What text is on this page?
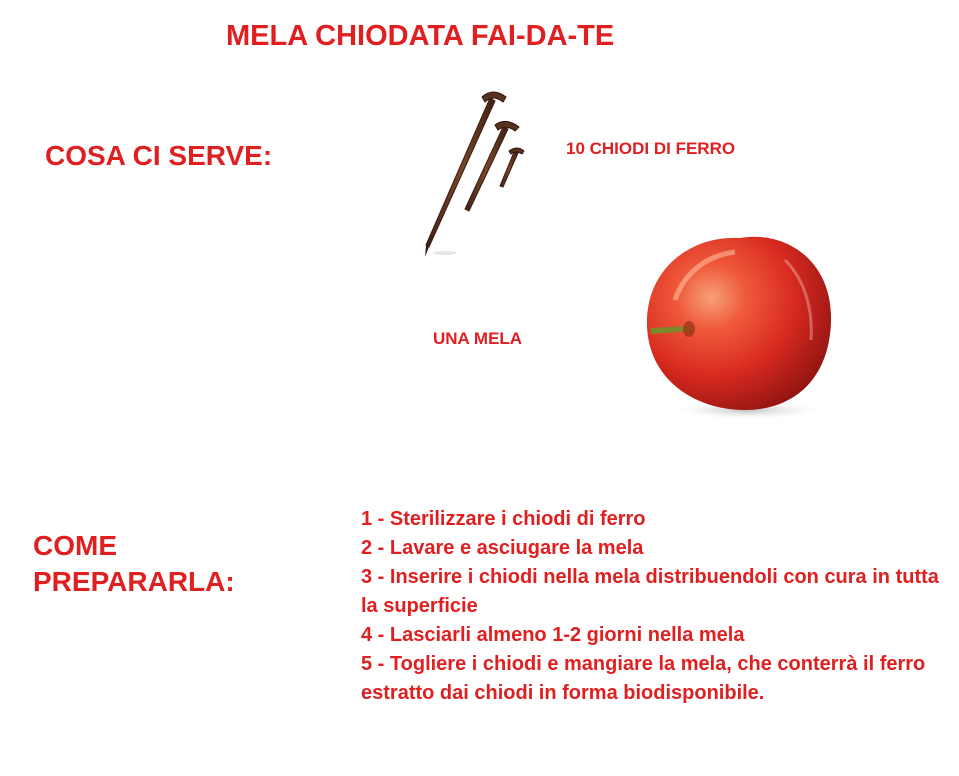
MELA CHIODATA FAI-DA-TE
COSA CI SERVE:	10 CHIODI DI FERRO
UNA MELA
COME PREPARARLA:
1 - Sterilizzare i chiodi di ferro
2 - Lavare e asciugare la mela
3 - Inserire i chiodi nella mela distribuendoli con cura in tutta la superficie
4 - Lasciarli almeno 1-2 giorni nella mela
5 - Togliere i chiodi e mangiare la mela, che conterrà il ferro estratto dai chiodi in forma biodisponibile.
